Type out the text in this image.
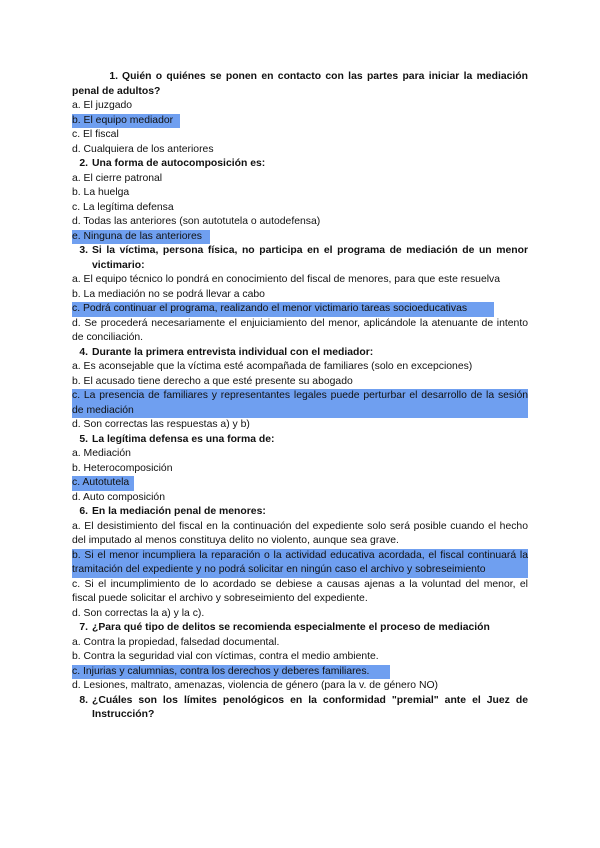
1. Quién o quiénes se ponen en contacto con las partes para iniciar la mediación penal de adultos?
a. El juzgado
b. El equipo mediador
c. El fiscal
d. Cualquiera de los anteriores
2. Una forma de autocomposición es:
a. El cierre patronal
b. La huelga
c. La legítima defensa
d. Todas las anteriores (son autotutela o autodefensa)
e. Ninguna de las anteriores
3. Si la víctima, persona física, no participa en el programa de mediación de un menor victimario:
a. El equipo técnico lo pondrá en conocimiento del fiscal de menores, para que este resuelva
b. La mediación no se podrá llevar a cabo
c. Podrá continuar el programa, realizando el menor victimario tareas socioeducativas
d. Se procederá necesariamente el enjuiciamiento del menor, aplicándole la atenuante de intento de conciliación.
4. Durante la primera entrevista individual con el mediador:
a. Es aconsejable que la víctima esté acompañada de familiares (solo en excepciones)
b. El acusado tiene derecho a que esté presente su abogado
c. La presencia de familiares y representantes legales puede perturbar el desarrollo de la sesión de mediación
d. Son correctas las respuestas a) y b)
5. La legítima defensa es una forma de:
a. Mediación
b. Heterocomposición
c. Autotutela
d. Auto composición
6. En la mediación penal de menores:
a. El desistimiento del fiscal en la continuación del expediente solo será posible cuando el hecho del imputado al menos constituya delito no violento, aunque sea grave.
b. Si el menor incumpliera la reparación o la actividad educativa acordada, el fiscal continuará la tramitación del expediente y no podrá solicitar en ningún caso el archivo y sobreseimiento
c. Si el incumplimiento de lo acordado se debiese a causas ajenas a la voluntad del menor, el fiscal puede solicitar el archivo y sobreseimiento del expediente.
d. Son correctas la a) y la c).
7. ¿Para qué tipo de delitos se recomienda especialmente el proceso de mediación
a. Contra la propiedad, falsedad documental.
b. Contra la seguridad vial con víctimas, contra el medio ambiente.
c. Injurias y calumnias, contra los derechos y deberes familiares.
d. Lesiones, maltrato, amenazas, violencia de género (para la v. de género NO)
8. ¿Cuáles son los límites penológicos en la conformidad "premial" ante el Juez de Instrucción?
